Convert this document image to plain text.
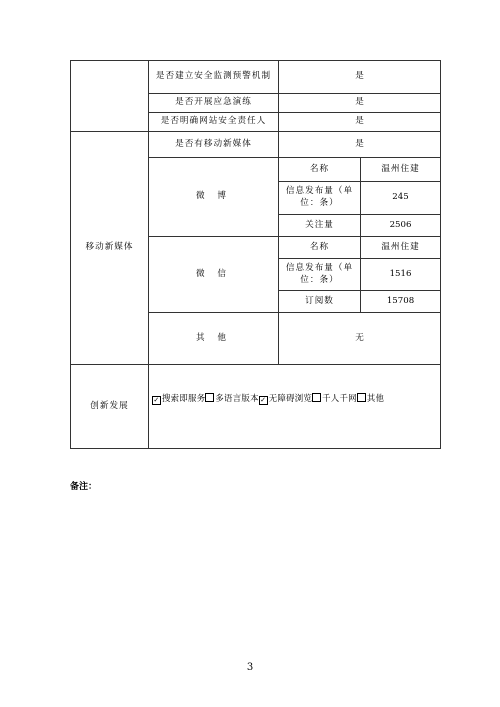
	是否建立安全监测预警机制	是	
	是否开展应急演练	是	
	是否明确网站安全责任人	是	
移动新媒体	是否有移动新媒体	是	
	微 博	名称	温州住建
		信息发布量（单位：条）	245
		关注量	2506
	微 信	名称	温州住建
		信息发布量（单位：条）	1516
		订阅数	15708
	其 他	无	

创新发展	✓ 搜索即服务 多语言版本✓ 无障碍浏览 千人千网 其他		
备注：
3
